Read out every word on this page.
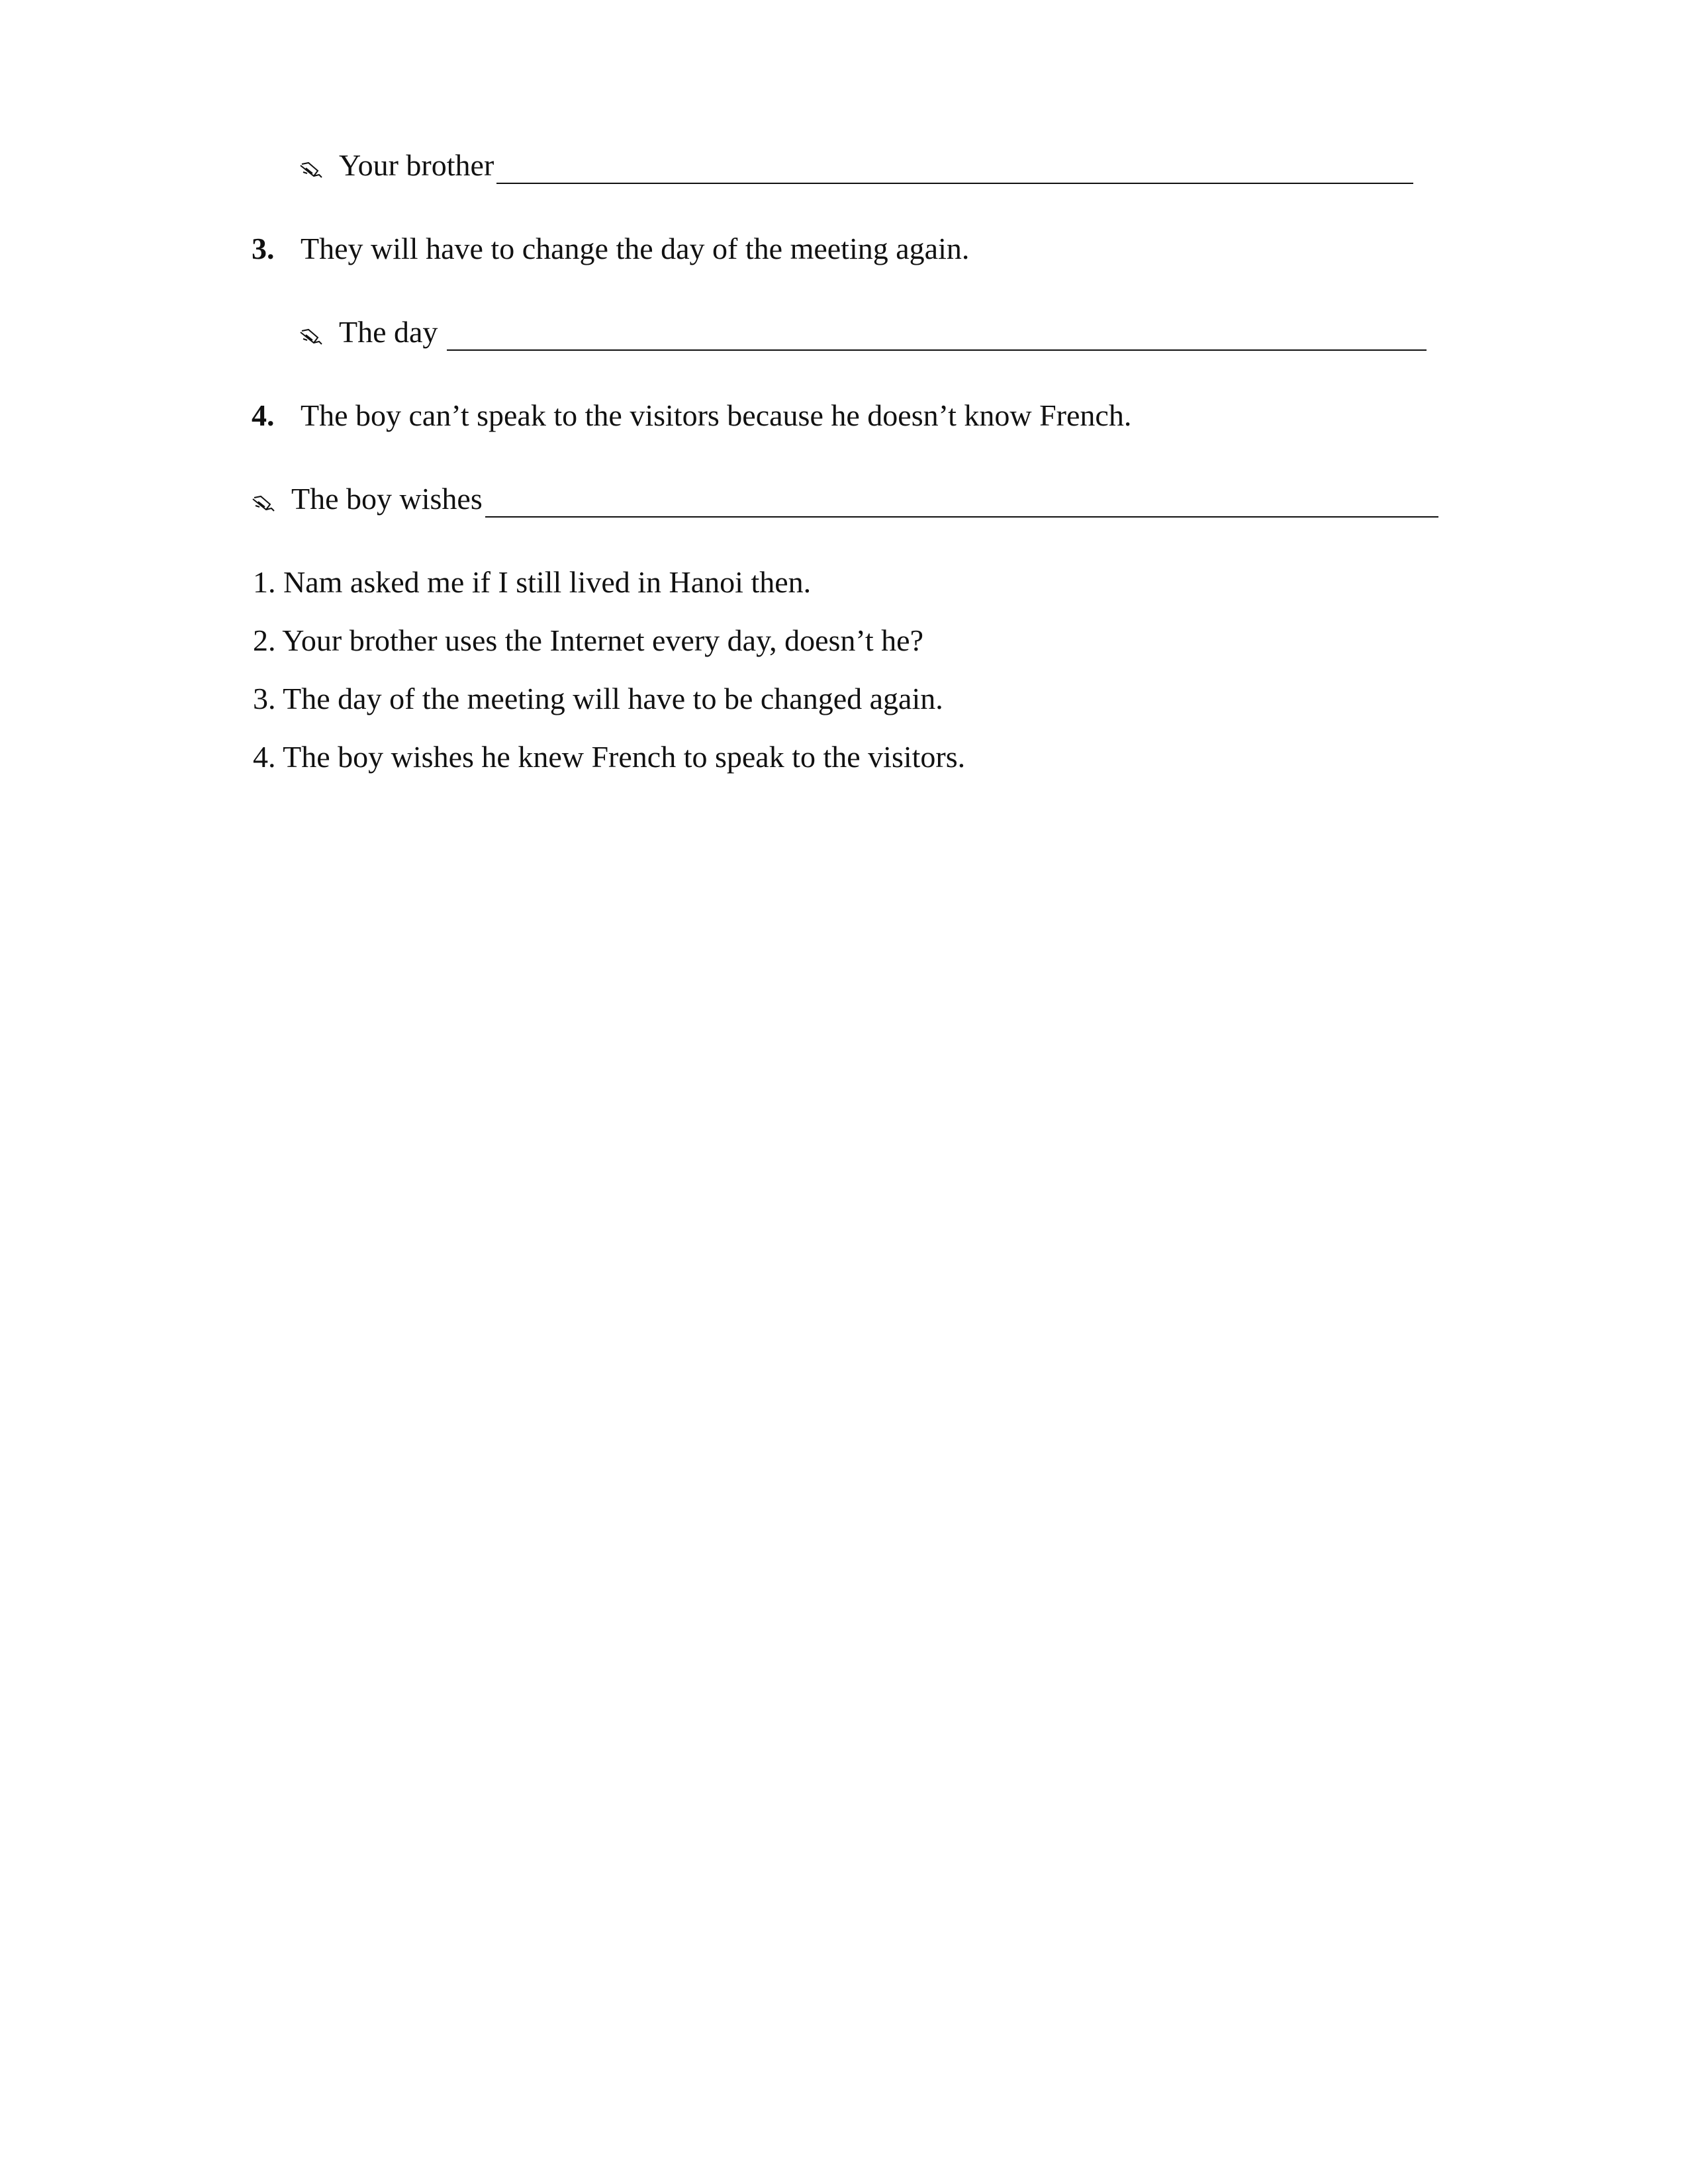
Your brother
3. They will have to change the day of the meeting again.
The day
4. The boy can’t speak to the visitors because he doesn’t know French.
The boy wishes
1. Nam asked me if I still lived in Hanoi then.
2. Your brother uses the Internet every day, doesn’t he?
3. The day of the meeting will have to be changed again.
4. The boy wishes he knew French to speak to the visitors.
